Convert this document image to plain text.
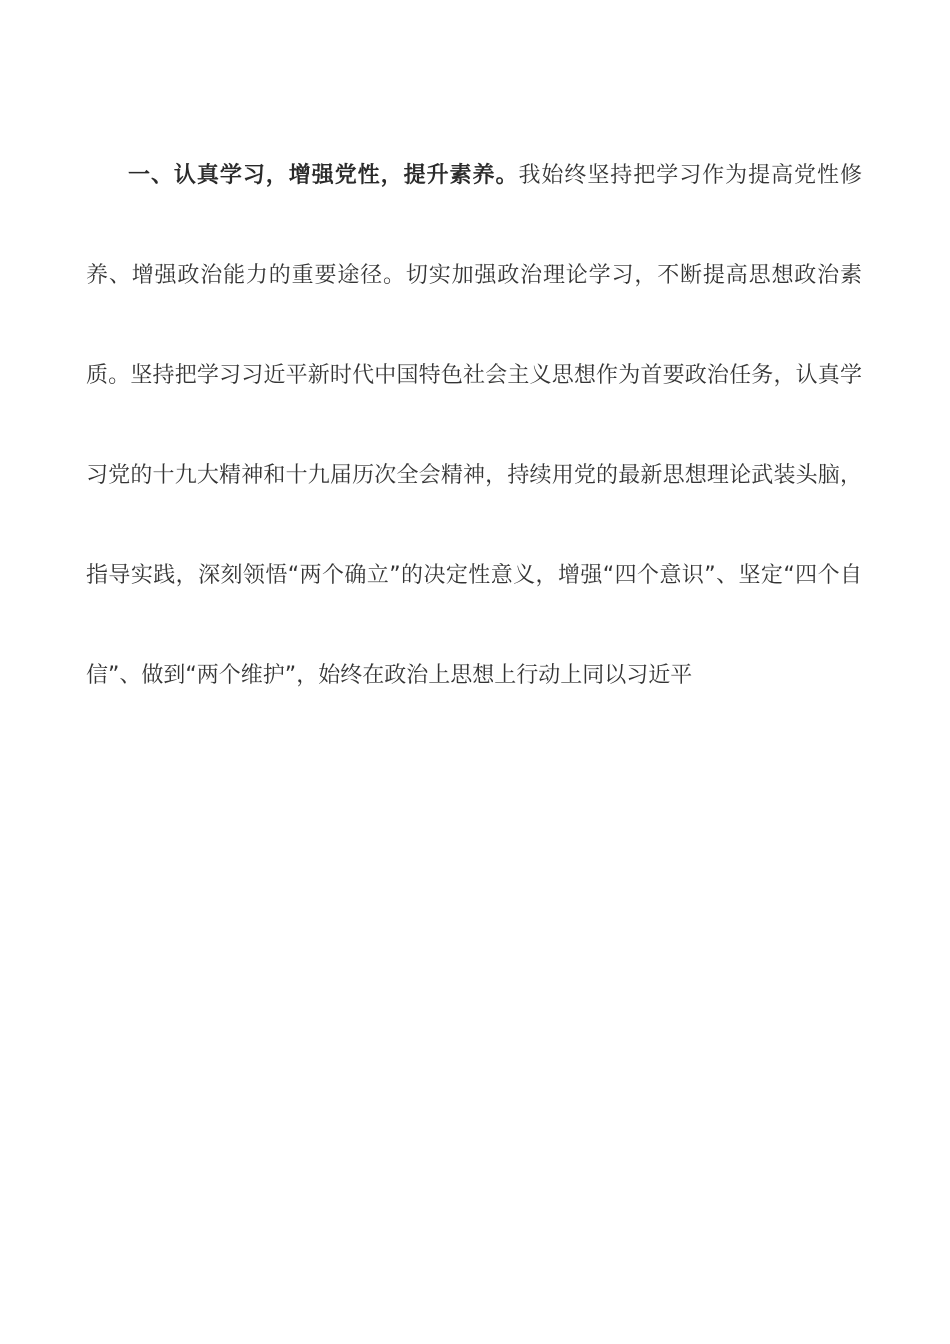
一、认真学习，增强党性，提升素养。我始终坚持把学习作为提高党性修养、增强政治能力的重要途径。切实加强政治理论学习，不断提高思想政治素质。坚持把学习习近平新时代中国特色社会主义思想作为首要政治任务，认真学习党的十九大精神和十九届历次全会精神，持续用党的最新思想理论武装头脑，指导实践，深刻领悟“两个确立”的决定性意义，增强“四个意识”、坚定“四个自信”、做到“两个维护”，始终在政治上思想上行动上同以习近平
